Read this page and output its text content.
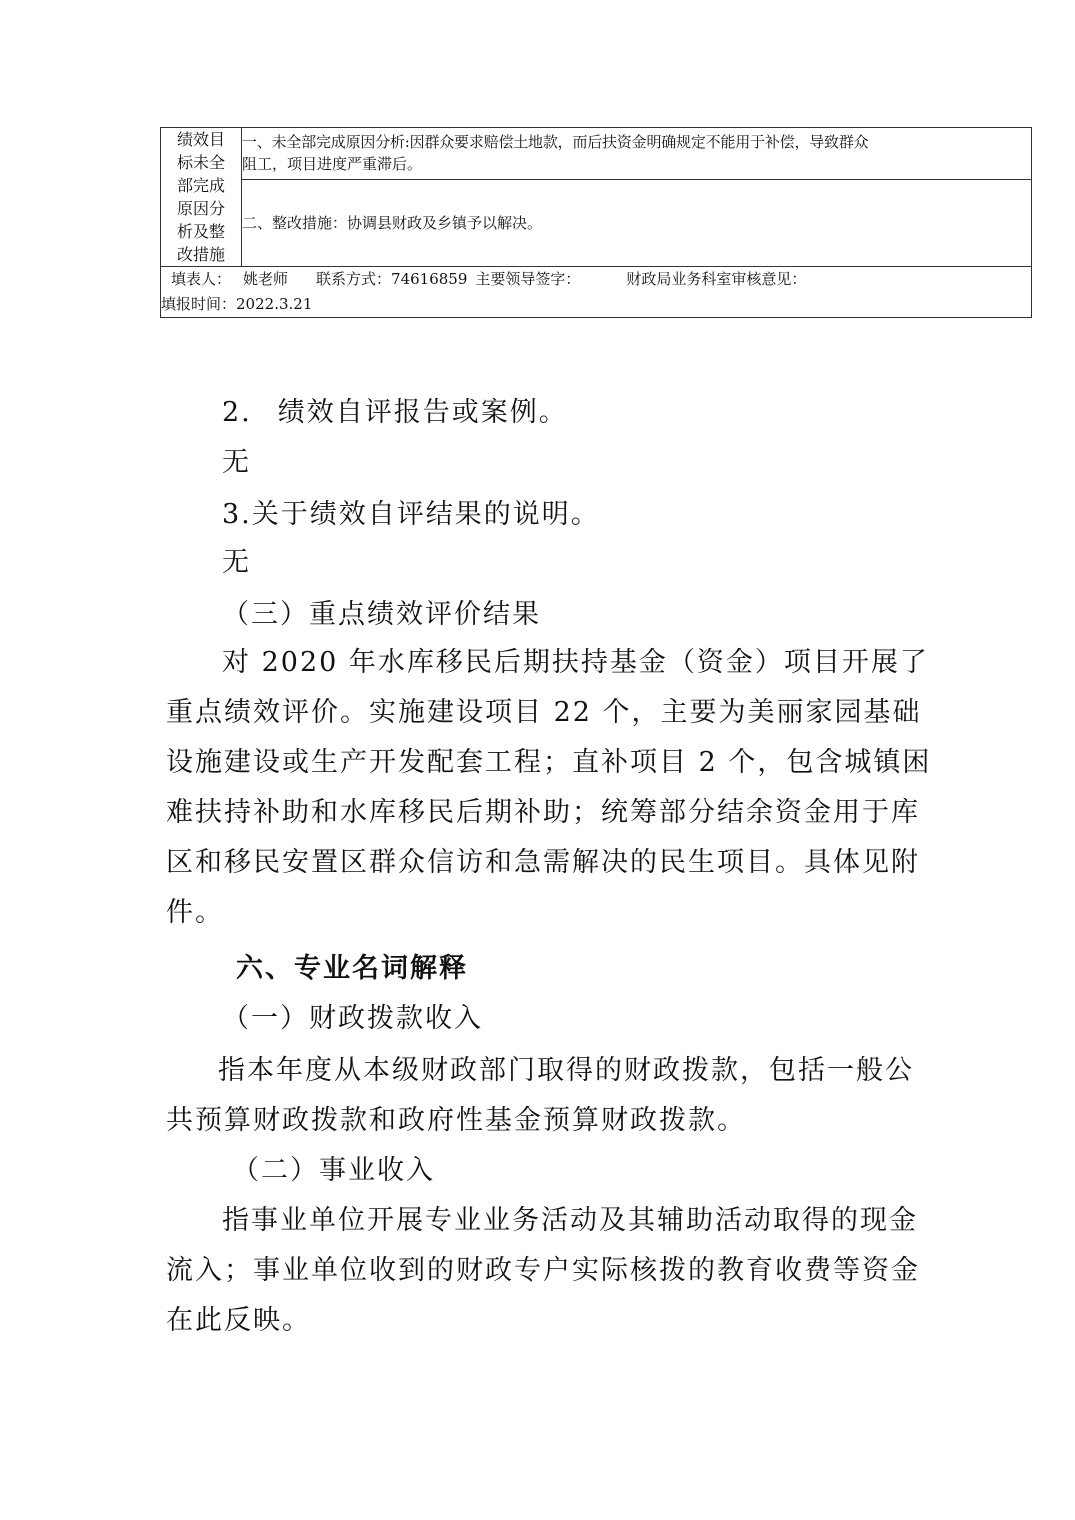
绩效目
标未全
部完成
原因分
析及整
改措施

一、未全部完成原因分析:因群众要求赔偿土地款，而后扶资金明确规定不能用于补偿，导致群众
阻工，项目进度严重滞后。

二、整改措施：协调县财政及乡镇予以解决。

填表人： 姚老师 联系方式：74616859 主要领导签字：	财政局业务科室审核意见：
填报时间：2022.3.21
2. 绩效自评报告或案例。
无
3.关于绩效自评结果的说明。
无
（三）重点绩效评价结果
对 2020 年水库移民后期扶持基金（资金）项目开展了
重点绩效评价。实施建设项目 22 个，主要为美丽家园基础
设施建设或生产开发配套工程；直补项目 2 个，包含城镇困
难扶持补助和水库移民后期补助；统筹部分结余资金用于库
区和移民安置区群众信访和急需解决的民生项目。具体见附
件。
六、专业名词解释
（一）财政拨款收入
指本年度从本级财政部门取得的财政拨款，包括一般公
共预算财政拨款和政府性基金预算财政拨款。
（二）事业收入
指事业单位开展专业业务活动及其辅助活动取得的现金
流入；事业单位收到的财政专户实际核拨的教育收费等资金
在此反映。
